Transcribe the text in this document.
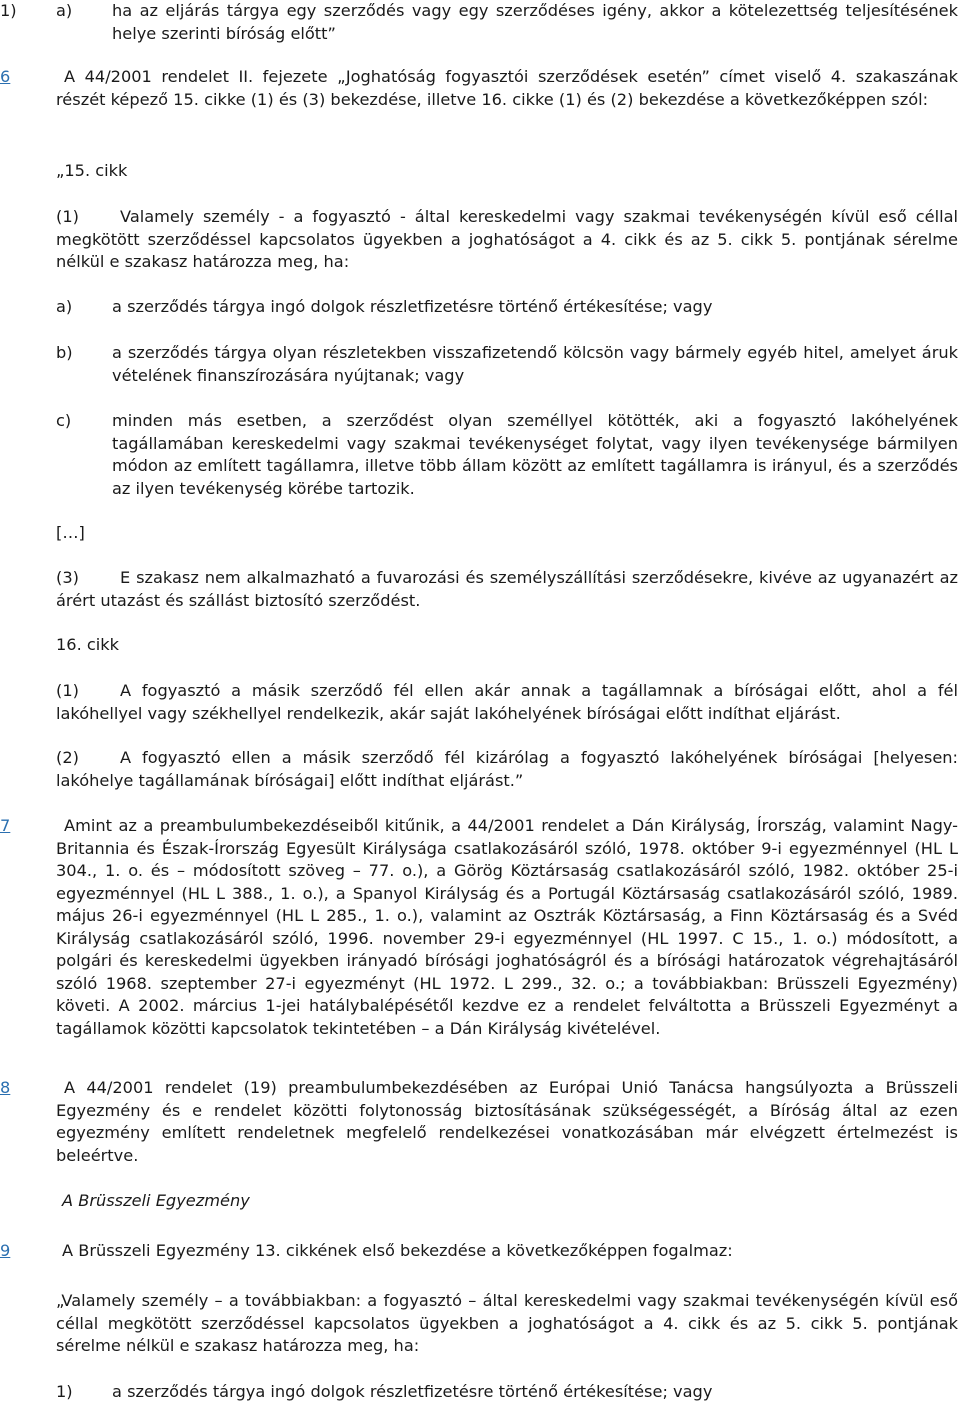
1) a) ha az eljárás tárgya egy szerződés vagy egy szerződéses igény, akkor a kötelezettség teljesítésének helye szerinti bíróság előtt”

6	A 44/2001 rendelet II. fejezete „Joghatóság fogyasztói szerződések esetén” címet viselő 4. szakaszának részét képező 15. cikke (1) és (3) bekezdése, illetve 16. cikke (1) és (2) bekezdése a következőképpen szól:

„15. cikk

(1)	Valamely személy - a fogyasztó - által kereskedelmi vagy szakmai tevékenységén kívül eső céllal megkötött szerződéssel kapcsolatos ügyekben a joghatóságot a 4. cikk és az 5. cikk 5. pontjának sérelme nélkül e szakasz határozza meg, ha:

a) a szerződés tárgya ingó dolgok részletfizetésre történő értékesítése; vagy

b) a szerződés tárgya olyan részletekben visszafizetendő kölcsön vagy bármely egyéb hitel, amelyet áruk vételének finanszírozására nyújtanak; vagy

c)	minden más esetben, a szerződést olyan személlyel kötötték, aki a fogyasztó lakóhelyének tagállamában kereskedelmi vagy szakmai tevékenységet folytat, vagy ilyen tevékenysége bármilyen módon az említett tagállamra, illetve több állam között az említett tagállamra is irányul, és a szerződés az ilyen tevékenység körébe tartozik.

[…]

(3)	E szakasz nem alkalmazható a fuvarozási és személyszállítási szerződésekre, kivéve az ugyanazért az árért utazást és szállást biztosító szerződést.

16. cikk

(1)	A fogyasztó a másik szerződő fél ellen akár annak a tagállamnak a bíróságai előtt, ahol a fél lakóhellyel vagy székhellyel rendelkezik, akár saját lakóhelyének bíróságai előtt indíthat eljárást.

(2)	A fogyasztó ellen a másik szerződő fél kizárólag a fogyasztó lakóhelyének bíróságai [helyesen: lakóhelye tagállamának bíróságai] előtt indíthat eljárást.”

7	Amint az a preambulumbekezdéseiből kitűnik, a 44/2001 rendelet a Dán Királyság, Írország, valamint Nagy-Britannia és Észak-Írország Egyesült Királysága csatlakozásáról szóló, 1978. október 9-i egyezménnyel (HL L 304., 1. o. és – módosított szöveg – 77. o.), a Görög Köztársaság csatlakozásáról szóló, 1982. október 25-i egyezménnyel (HL L 388., 1. o.), a Spanyol Királyság és a Portugál Köztársaság csatlakozásáról szóló, 1989. május 26-i egyezménnyel (HL L 285., 1. o.), valamint az Osztrák Köztársaság, a Finn Köztársaság és a Svéd Királyság csatlakozásáról szóló, 1996. november 29-i egyezménnyel (HL 1997. C 15., 1. o.) módosított, a polgári és kereskedelmi ügyekben irányadó bírósági joghatóságról és a bírósági határozatok végrehajtásáról szóló 1968. szeptember 27-i egyezményt (HL 1972. L 299., 32. o.; a továbbiakban: Brüsszeli Egyezmény) követi. A 2002. március 1-jei hatálybalépésétől kezdve ez a rendelet felváltotta a Brüsszeli Egyezményt a tagállamok közötti kapcsolatok tekintetében – a Dán Királyság kivételével.

8	A 44/2001 rendelet (19) preambulumbekezdésében az Európai Unió Tanácsa hangsúlyozta a Brüsszeli Egyezmény és e rendelet közötti folytonosság biztosításának szükségességét, a Bíróság által az ezen egyezmény említett rendeletnek megfelelő rendelkezései vonatkozásában már elvégzett értelmezést is beleértve.

A Brüsszeli Egyezmény

9	A Brüsszeli Egyezmény 13. cikkének első bekezdése a következőképpen fogalmaz:

„Valamely személy – a továbbiakban: a fogyasztó – által kereskedelmi vagy szakmai tevékenységén kívül eső céllal megkötött szerződéssel kapcsolatos ügyekben a joghatóságot a 4. cikk és az 5. cikk 5. pontjának sérelme nélkül e szakasz határozza meg, ha:

1) a szerződés tárgya ingó dolgok részletfizetésre történő értékesítése; vagy
